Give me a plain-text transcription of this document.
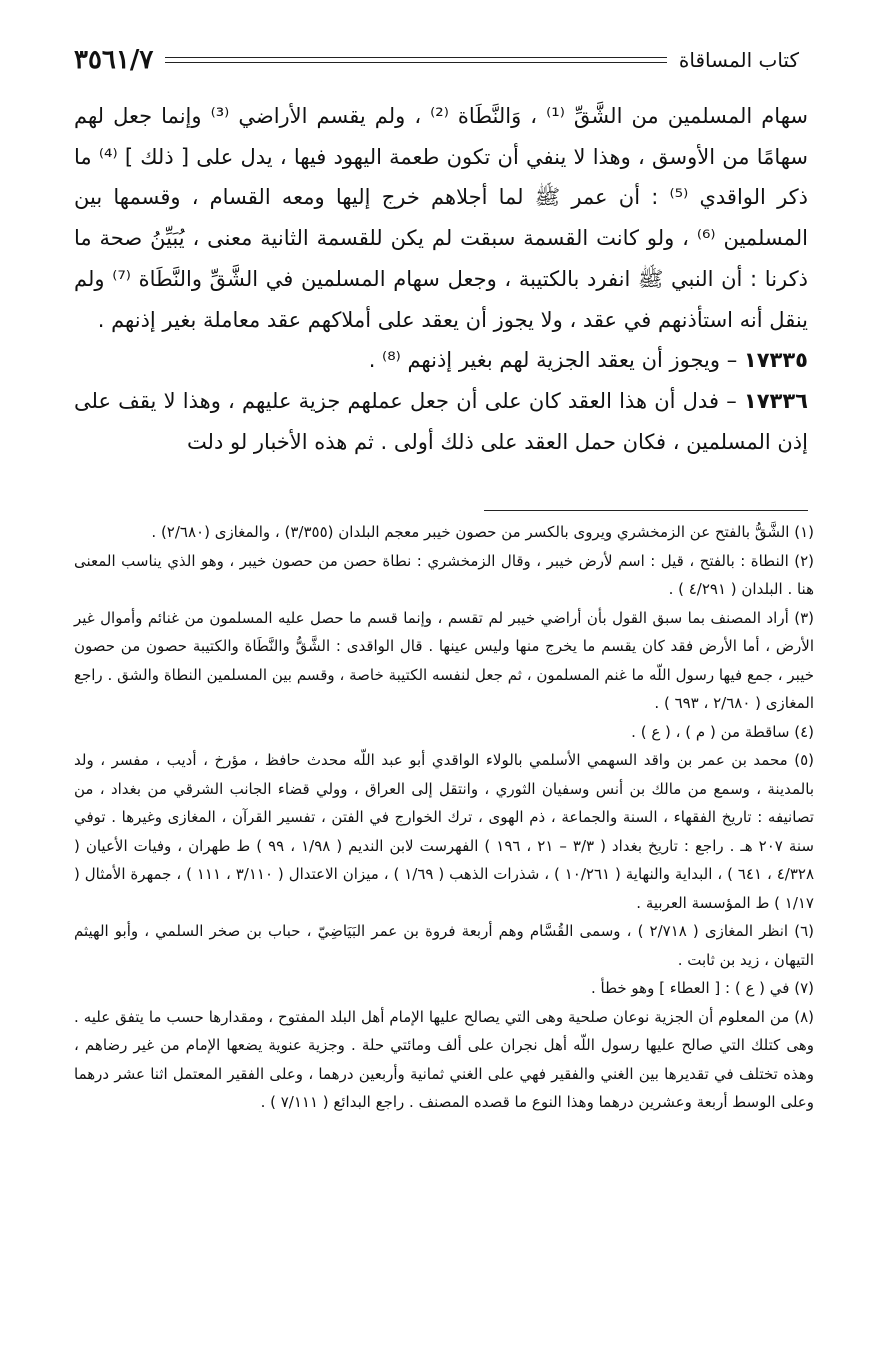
٣٥٦١/٧	كتاب المساقاة

سهام المسلمين من الشَّقِّ ⁽¹⁾ ، وَالنَّطَاة ⁽²⁾ ، ولم يقسم الأراضي ⁽³⁾ وإنما جعل لهم سهامًا من الأوسق ، وهذا لا ينفي أن تكون طعمة اليهود فيها ، يدل على [ ذلك ] ⁽⁴⁾ ما ذكر الواقدي ⁽⁵⁾ : أن عمر ﷺ لما أجلاهم خرج إليها ومعه القسام ، وقسمها بين المسلمين ⁽⁶⁾ ، ولو كانت القسمة سبقت لم يكن للقسمة الثانية معنى ، يُبَيِّنُ صحة ما ذكرنا : أن النبي ﷺ انفرد بالكتيبة ، وجعل سهام المسلمين في الشَّقِّ والنَّطَاة ⁽⁷⁾ ولم ينقل أنه استأذنهم في عقد ، ولا يجوز أن يعقد على أملاكهم عقد معاملة بغير إذنهم .

١٧٣٣٥ – ويجوز أن يعقد الجزية لهم بغير إذنهم ⁽⁸⁾ .

١٧٣٣٦ – فدل أن هذا العقد كان على أن جعل عملهم جزية عليهم ، وهذا لا يقف على إذن المسلمين ، فكان حمل العقد على ذلك أولى . ثم هذه الأخبار لو دلت

(١) الشَّقُّ بالفتح عن الزمخشري ويروى بالكسر من حصون خيبر معجم البلدان (٣/٣٥٥) ، والمغازى (٢/٦٨٠) .

(٢) النطاة : بالفتح ، قيل : اسم لأرض خيبر ، وقال الزمخشري : نطاة حصن من حصون خيبر ، وهو الذي يناسب المعنى هنا . البلدان ( ٤/٢٩١ ) .

(٣) أراد المصنف بما سبق القول بأن أراضي خيبر لم تقسم ، وإنما قسم ما حصل عليه المسلمون من غنائم وأموال غير الأرض ، أما الأرض فقد كان يقسم ما يخرج منها وليس عينها . قال الواقدى : الشَّقُّ والنَّطَاة والكتيبة حصون من حصون خيبر ، جمع فيها رسول اللّه ما غنم المسلمون ، ثم جعل لنفسه الكتيبة خاصة ، وقسم بين المسلمين النطاة والشق . راجع المغازى ( ٢/٦٨٠ ، ٦٩٣ ) .

(٤) ساقطة من ( م ) ، ( ع ) .

(٥) محمد بن عمر بن واقد السهمي الأسلمي بالولاء الواقدي أبو عبد اللّه محدث حافظ ، مؤرخ ، أديب ، مفسر ، ولد بالمدينة ، وسمع من مالك بن أنس وسفيان الثوري ، وانتقل إلى العراق ، وولي قضاء الجانب الشرقي من بغداد ، من تصانيفه : تاريخ الفقهاء ، السنة والجماعة ، ذم الهوى ، ترك الخوارج في الفتن ، تفسير القرآن ، المغازى وغيرها . توفي سنة ٢٠٧ هـ . راجع : تاريخ بغداد ( ٣/٣ – ٢١ ، ١٩٦ ) الفهرست لابن النديم ( ١/٩٨ ، ٩٩ ) ط طهران ، وفيات الأعيان ( ٤/٣٢٨ ، ٦٤١ ) ، البداية والنهاية ( ١٠/٢٦١ ) ، شذرات الذهب ( ١/٦٩ ) ، ميزان الاعتدال ( ٣/١١٠ ، ١١١ ) ، جمهرة الأمثال ( ١/١٧ ) ط المؤسسة العربية .

(٦) انظر المغازى ( ٢/٧١٨ ) ، وسمى القُسَّام وهم أربعة فروة بن عمر البَيَاضِيّ ، حباب بن صخر السلمي ، وأبو الهيثم التيهان ، زيد بن ثابت .

(٧) في ( ع ) : [ العطاء ] وهو خطأ .

(٨) من المعلوم أن الجزية نوعان صلحية وهى التي يصالح عليها الإمام أهل البلد المفتوح ، ومقدارها حسب ما يتفق عليه . وهى كتلك التي صالح عليها رسول اللّه أهل نجران على ألف ومائتي حلة . وجزية عنوية يضعها الإمام من غير رضاهم ، وهذه تختلف في تقديرها بين الغني والفقير فهي على الغني ثمانية وأربعين درهما ، وعلى الفقير المعتمل اثنا عشر درهما وعلى الوسط أربعة وعشرين درهما وهذا النوع ما قصده المصنف . راجع البدائع ( ٧/١١١ ) .
